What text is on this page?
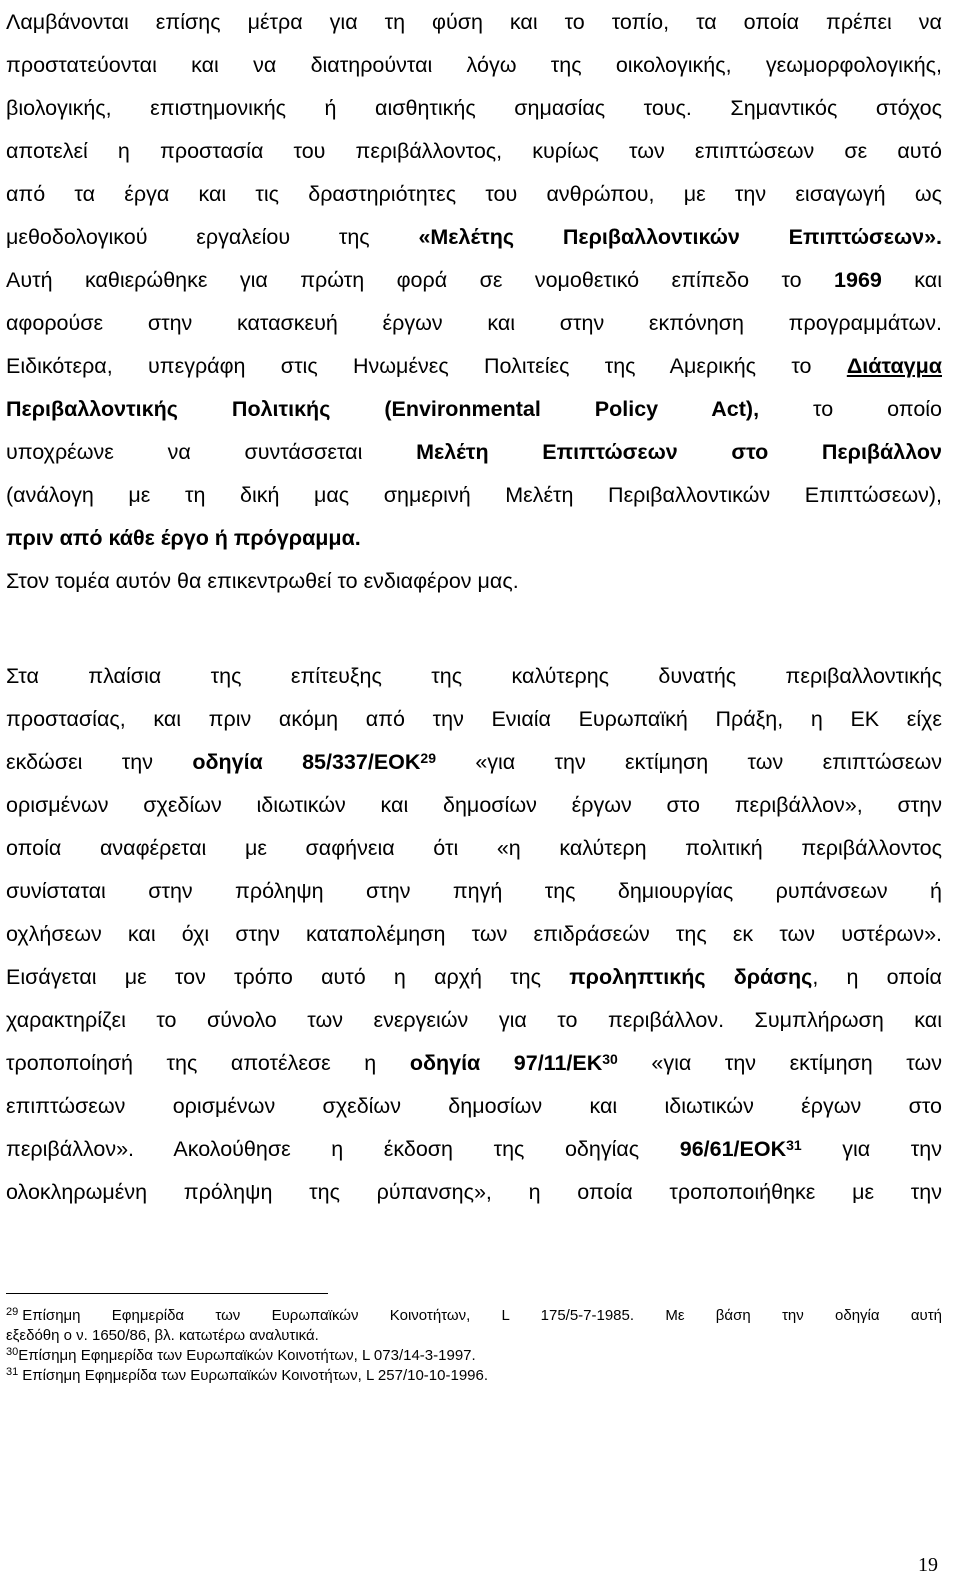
Λαμβάνονται επίσης μέτρα για τη φύση και το τοπίο, τα οποία πρέπει να
προστατεύονται και να διατηρούνται λόγω της οικολογικής, γεωμορφολογικής,
βιολογικής, επιστημονικής ή αισθητικής σημασίας τους. Σημαντικός στόχος
αποτελεί η προστασία του περιβάλλοντος, κυρίως των επιπτώσεων σε αυτό
από τα έργα και τις δραστηριότητες του ανθρώπου, με την εισαγωγή ως
μεθοδολογικού εργαλείου της «Μελέτης Περιβαλλοντικών Επιπτώσεων».
Αυτή καθιερώθηκε για πρώτη φορά σε νομοθετικό επίπεδο το 1969 και
αφορούσε στην κατασκευή έργων και στην εκπόνηση προγραμμάτων.
Ειδικότερα, υπεγράφη στις Ηνωμένες Πολιτείες της Αμερικής το Διάταγμα
Περιβαλλοντικής Πολιτικής (Environmental Policy Act),	το οποίο
υποχρέωνε να συντάσσεται Μελέτη Επιπτώσεων στο Περιβάλλον
(ανάλογη με τη δική μας σημερινή Μελέτη Περιβαλλοντικών Επιπτώσεων),
πριν από κάθε έργο ή πρόγραμμα.
Στον τομέα αυτόν θα επικεντρωθεί το ενδιαφέρον μας.
Στα πλαίσια της επίτευξης της καλύτερης δυνατής περιβαλλοντικής
προστασίας, και πριν ακόμη από την Ενιαία Ευρωπαϊκή Πράξη, η ΕΚ είχε
εκδώσει την οδηγία 85/337/ΕΟΚ$^{29}$ «για την εκτίμηση των επιπτώσεων
ορισμένων σχεδίων ιδιωτικών και δημοσίων έργων στο περιβάλλον», στην
οποία αναφέρεται με σαφήνεια ότι «η καλύτερη πολιτική περιβάλλοντος
συνίσταται στην πρόληψη στην πηγή της δημιουργίας ρυπάνσεων ή
οχλήσεων και όχι στην καταπολέμηση των επιδράσεών της εκ των υστέρων».
Εισάγεται με τον τρόπο αυτό η αρχή της προληπτικής δράσης, η οποία
χαρακτηρίζει το σύνολο των ενεργειών για το περιβάλλον. Συμπλήρωση και
τροποποίησή της αποτέλεσε η οδηγία 97/11/ΕΚ$^{30}$ «για την εκτίμηση των
επιπτώσεων ορισμένων σχεδίων δημοσίων και ιδιωτικών έργων στο
περιβάλλον». Ακολούθησε η έκδοση της οδηγίας 96/61/ΕΟΚ$^{31}$ για την
ολοκληρωμένη πρόληψη της ρύπανσης», η οποία τροποποιήθηκε με την
$^{29}$ Επίσημη Εφημερίδα των Ευρωπαϊκών Κοινοτήτων, L 175/5-7-1985. Με βάση την οδηγία αυτή
εξεδόθη ο ν. 1650/86, βλ. κατωτέρω αναλυτικά.
$^{30}$Επίσημη Εφημερίδα των Ευρωπαϊκών Κοινοτήτων, L 073/14-3-1997.
$^{31}$ Επίσημη Εφημερίδα των Ευρωπαϊκών Κοινοτήτων, L 257/10-10-1996.
19
